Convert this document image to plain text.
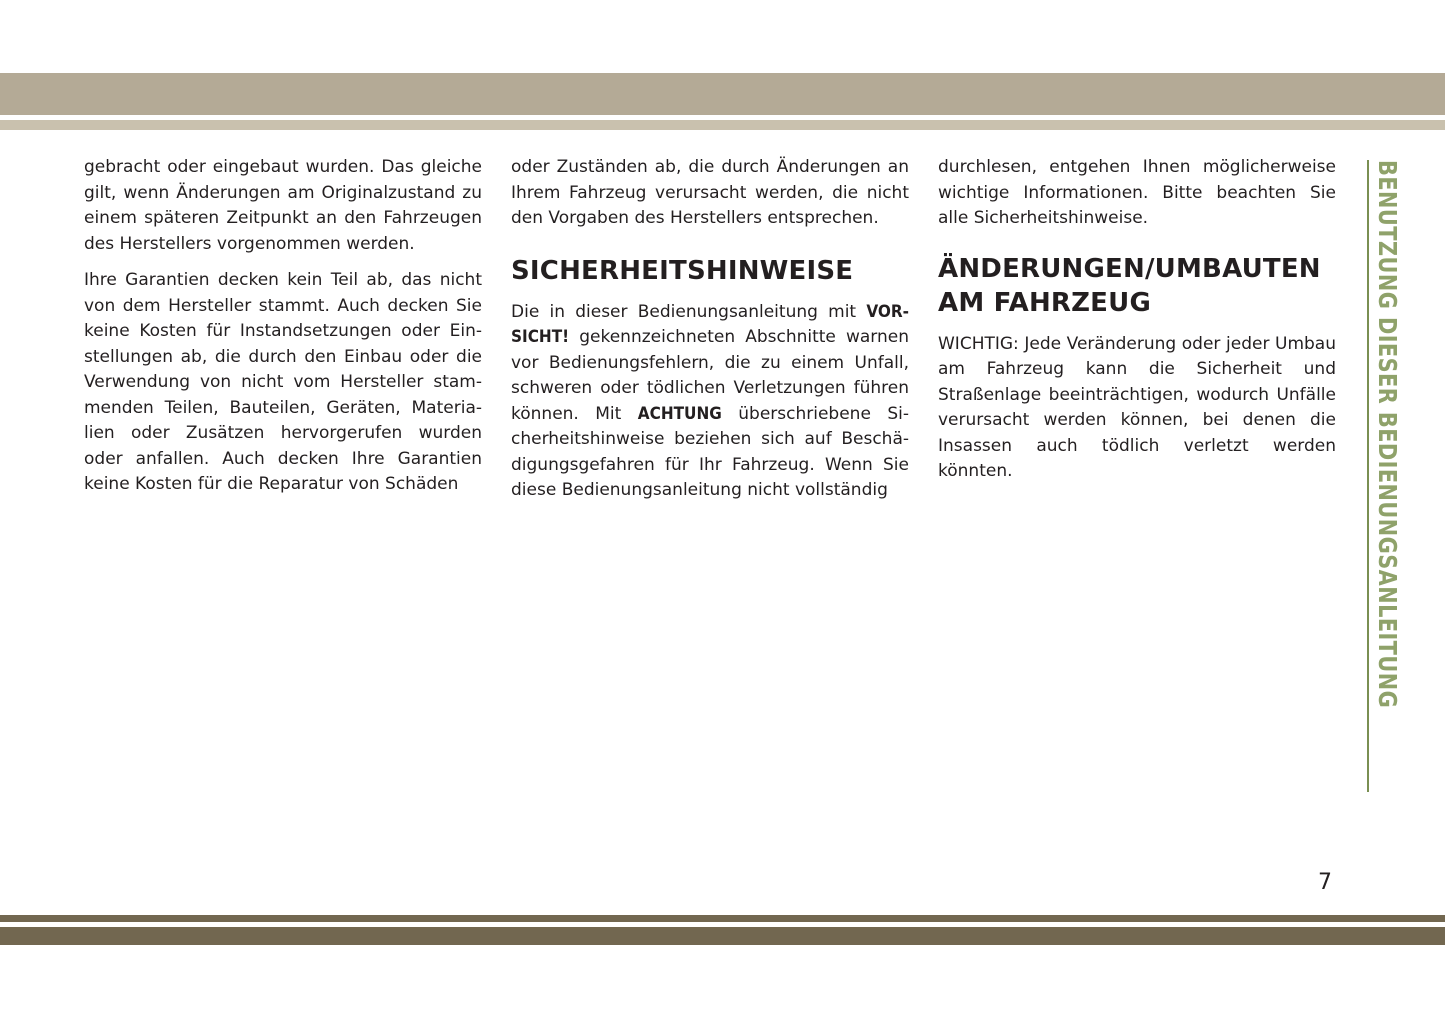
gebracht oder eingebaut wurden. Das gleiche gilt, wenn Änderungen am Originalzustand zu einem späteren Zeitpunkt an den Fahrzeugen des Herstellers vorgenommen werden.

Ihre Garantien decken kein Teil ab, das nicht von dem Hersteller stammt. Auch decken Sie keine Kosten für Instandsetzungen oder Einstellungen ab, die durch den Einbau oder die Verwendung von nicht vom Hersteller stammenden Teilen, Bauteilen, Geräten, Materialien oder Zusätzen hervorgerufen wurden oder anfallen. Auch decken Ihre Garantien keine Kosten für die Reparatur von Schäden

oder Zuständen ab, die durch Änderungen an Ihrem Fahrzeug verursacht werden, die nicht den Vorgaben des Herstellers entsprechen.

SICHERHEITSHINWEISE

Die in dieser Bedienungsanleitung mit VORSICHT! gekennzeichneten Abschnitte warnen vor Bedienungsfehlern, die zu einem Unfall, schweren oder tödlichen Verletzungen führen können. Mit ACHTUNG überschriebene Sicherheitshinweise beziehen sich auf Beschädigungsgefahren für Ihr Fahrzeug. Wenn Sie diese Bedienungsanleitung nicht vollständig

durchlesen, entgehen Ihnen möglicherweise wichtige Informationen. Bitte beachten Sie alle Sicherheitshinweise.

ÄNDERUNGEN/UMBAUTEN AM FAHRZEUG

WICHTIG: Jede Veränderung oder jeder Umbau am Fahrzeug kann die Sicherheit und Straßenlage beeinträchtigen, wodurch Unfälle verursacht werden können, bei denen die Insassen auch tödlich verletzt werden könnten.	BENUTZUNG DIESER BEDIENUNGSANLEITUNG
7
